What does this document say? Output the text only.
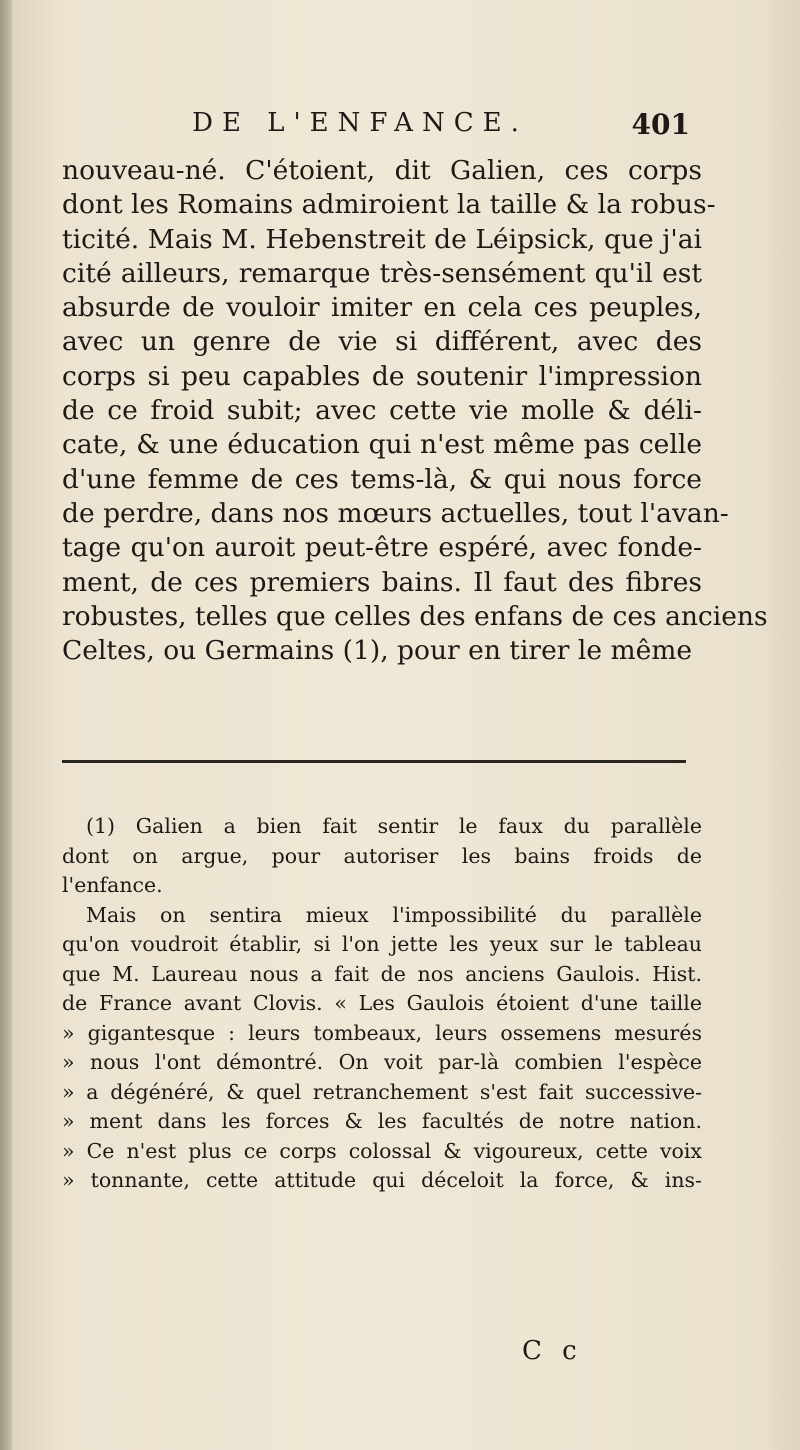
DE L'ENFANCE.	401
nouveau-né. C'étoient, dit Galien, ces corps
dont les Romains admiroient la taille & la robus-
ticité. Mais M. Hebenstreit de Léipsick, que j'ai
cité ailleurs, remarque très-sensément qu'il est
absurde de vouloir imiter en cela ces peuples,
avec un genre de vie si différent, avec des
corps si peu capables de soutenir l'impression
de ce froid subit; avec cette vie molle & déli-
cate, & une éducation qui n'est même pas celle
d'une femme de ces tems-là, & qui nous force
de perdre, dans nos mœurs actuelles, tout l'avan-
tage qu'on auroit peut-être espéré, avec fonde-
ment, de ces premiers bains. Il faut des fibres
robustes, telles que celles des enfans de ces anciens
Celtes, ou Germains (1), pour en tirer le même
(1) Galien a bien fait sentir le faux du parallèle
dont on argue, pour autoriser les bains froids de
l'enfance.
Mais on sentira mieux l'impossibilité du parallèle
qu'on voudroit établir, si l'on jette les yeux sur le tableau
que M. Laureau nous a fait de nos anciens Gaulois. Hist.
de France avant Clovis. « Les Gaulois étoient d'une taille
» gigantesque : leurs tombeaux, leurs ossemens mesurés
» nous l'ont démontré. On voit par-là combien l'espèce
» a dégénéré, & quel retranchement s'est fait successive-
» ment dans les forces & les facultés de notre nation.
» Ce n'est plus ce corps colossal & vigoureux, cette voix
» tonnante, cette attitude qui déceloit la force, & ins-
C c
